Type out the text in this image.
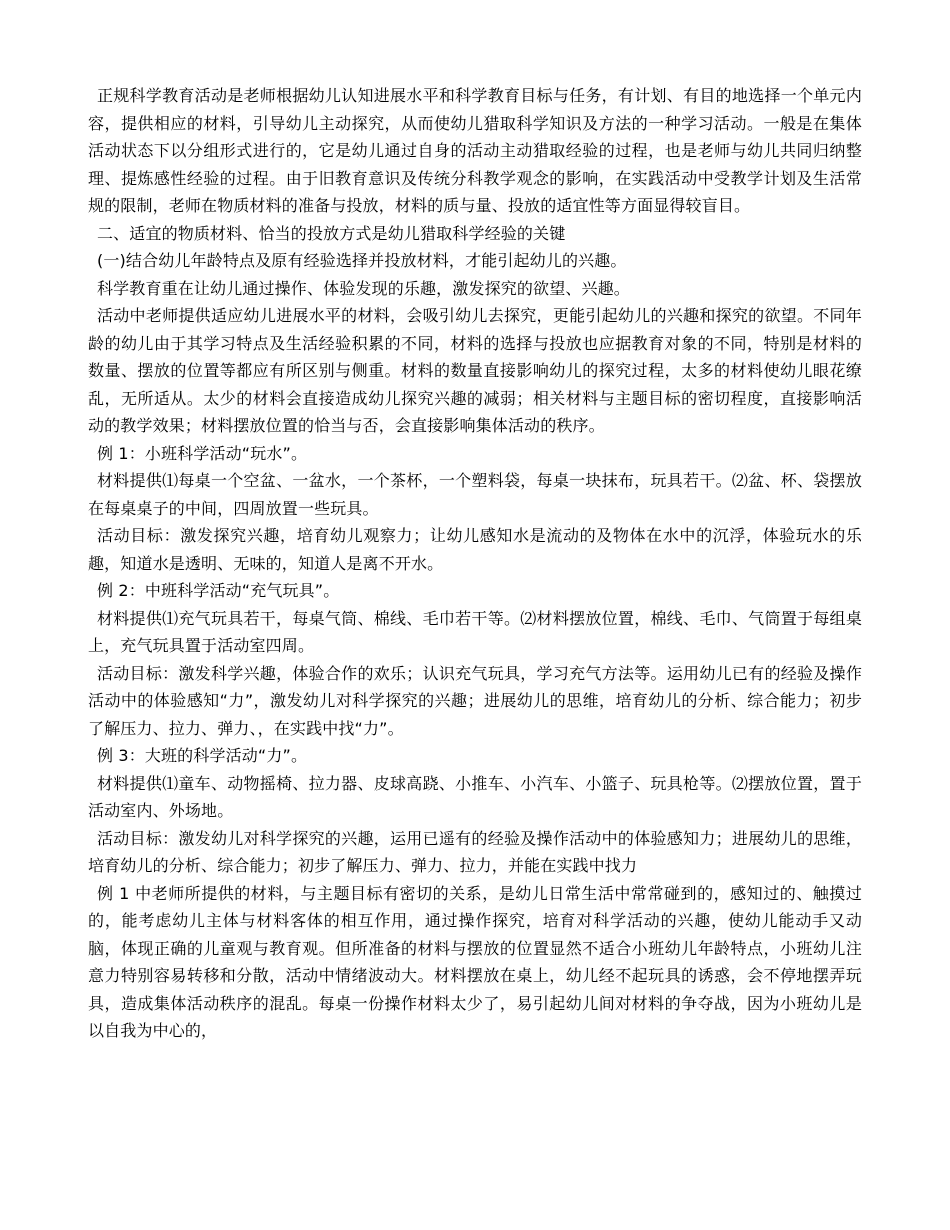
正规科学教育活动是老师根据幼儿认知进展水平和科学教育目标与任务，有计划、有目的地选择一个单元内容，提供相应的材料，引导幼儿主动探究，从而使幼儿猎取科学知识及方法的一种学习活动。一般是在集体活动状态下以分组形式进行的，它是幼儿通过自身的活动主动猎取经验的过程，也是老师与幼儿共同归纳整理、提炼感性经验的过程。由于旧教育意识及传统分科教学观念的影响，在实践活动中受教学计划及生活常规的限制，老师在物质材料的准备与投放，材料的质与量、投放的适宜性等方面显得较盲目。

二、适宜的物质材料、恰当的投放方式是幼儿猎取科学经验的关键

(一)结合幼儿年龄特点及原有经验选择并投放材料，才能引起幼儿的兴趣。

科学教育重在让幼儿通过操作、体验发现的乐趣，激发探究的欲望、兴趣。

活动中老师提供适应幼儿进展水平的材料，会吸引幼儿去探究，更能引起幼儿的兴趣和探究的欲望。不同年龄的幼儿由于其学习特点及生活经验积累的不同，材料的选择与投放也应据教育对象的不同，特别是材料的数量、摆放的位置等都应有所区别与侧重。材料的数量直接影响幼儿的探究过程，太多的材料使幼儿眼花缭乱，无所适从。太少的材料会直接造成幼儿探究兴趣的减弱；相关材料与主题目标的密切程度，直接影响活动的教学效果；材料摆放位置的恰当与否，会直接影响集体活动的秩序。

例 1：小班科学活动“玩水”。

材料提供⑴每桌一个空盆、一盆水，一个茶杯，一个塑料袋，每桌一块抹布，玩具若干。⑵盆、杯、袋摆放在每桌桌子的中间，四周放置一些玩具。

活动目标：激发探究兴趣，培育幼儿观察力；让幼儿感知水是流动的及物体在水中的沉浮，体验玩水的乐趣，知道水是透明、无味的，知道人是离不开水。

例 2：中班科学活动“充气玩具”。

材料提供⑴充气玩具若干，每桌气筒、棉线、毛巾若干等。⑵材料摆放位置，棉线、毛巾、气筒置于每组桌上，充气玩具置于活动室四周。

活动目标：激发科学兴趣，体验合作的欢乐；认识充气玩具，学习充气方法等。运用幼儿已有的经验及操作活动中的体验感知“力”，激发幼儿对科学探究的兴趣；进展幼儿的思维，培育幼儿的分析、综合能力；初步了解压力、拉力、弹力、，在实践中找“力”。

例 3：大班的科学活动“力”。

材料提供⑴童车、动物摇椅、拉力器、皮球高跷、小推车、小汽车、小篮子、玩具枪等。⑵摆放位置，置于活动室内、外场地。

活动目标：激发幼儿对科学探究的兴趣，运用已遥有的经验及操作活动中的体验感知力；进展幼儿的思维，培育幼儿的分析、综合能力；初步了解压力、弹力、拉力，并能在实践中找力

例 1 中老师所提供的材料，与主题目标有密切的关系，是幼儿日常生活中常常碰到的，感知过的、触摸过的，能考虑幼儿主体与材料客体的相互作用，通过操作探究，培育对科学活动的兴趣，使幼儿能动手又动脑，体现正确的儿童观与教育观。但所准备的材料与摆放的位置显然不适合小班幼儿年龄特点，小班幼儿注意力特别容易转移和分散，活动中情绪波动大。材料摆放在桌上，幼儿经不起玩具的诱惑，会不停地摆弄玩具，造成集体活动秩序的混乱。每桌一份操作材料太少了，易引起幼儿间对材料的争夺战，因为小班幼儿是以自我为中心的，
